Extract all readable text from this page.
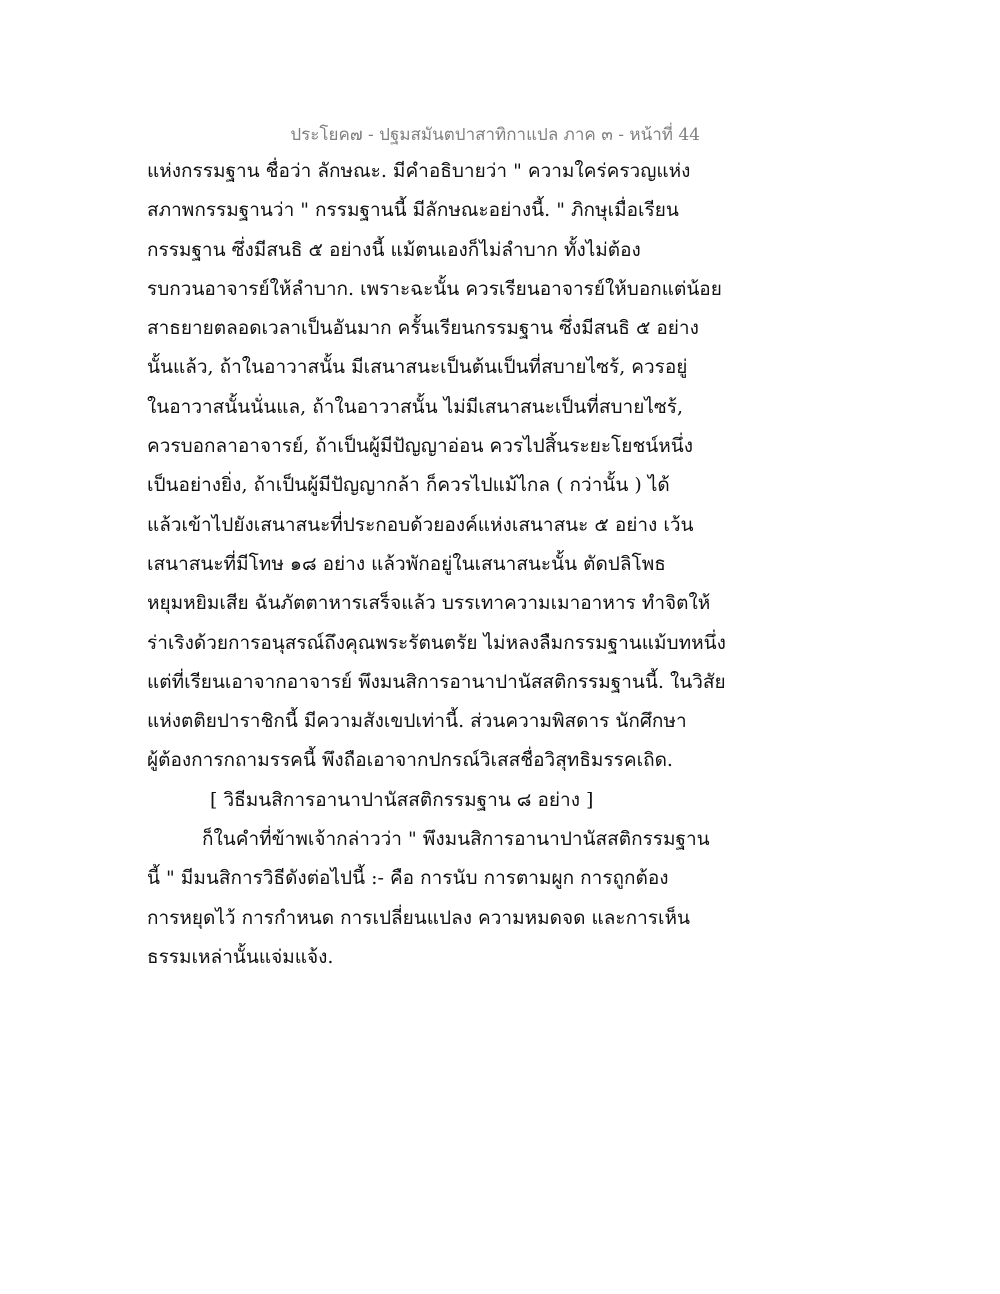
ประโยค๗ - ปฐมสมันตปาสาทิกาแปล ภาค ๓ - หน้าที่ 44
แห่งกรรมฐาน ชื่อว่า ลักษณะ. มีคำอธิบายว่า " ความใคร่ครวญแห่ง
สภาพกรรมฐานว่า " กรรมฐานนี้ มีลักษณะอย่างนี้. " ภิกษุเมื่อเรียน
กรรมฐาน ซึ่งมีสนธิ ๕ อย่างนี้ แม้ตนเองก็ไม่ลำบาก ทั้งไม่ต้อง
รบกวนอาจารย์ให้ลำบาก. เพราะฉะนั้น ควรเรียนอาจารย์ให้บอกแต่น้อย
สาธยายตลอดเวลาเป็นอันมาก ครั้นเรียนกรรมฐาน ซึ่งมีสนธิ ๕ อย่าง
นั้นแล้ว, ถ้าในอาวาสนั้น มีเสนาสนะเป็นต้นเป็นที่สบายไซร้, ควรอยู่
ในอาวาสนั้นนั่นแล, ถ้าในอาวาสนั้น ไม่มีเสนาสนะเป็นที่สบายไซร้,
ควรบอกลาอาจารย์, ถ้าเป็นผู้มีปัญญาอ่อน ควรไปสิ้นระยะโยชน์หนึ่ง
เป็นอย่างยิ่ง, ถ้าเป็นผู้มีปัญญากล้า ก็ควรไปแม้ไกล ( กว่านั้น ) ได้
แล้วเข้าไปยังเสนาสนะที่ประกอบด้วยองค์แห่งเสนาสนะ ๕ อย่าง เว้น
เสนาสนะที่มีโทษ ๑๘ อย่าง แล้วพักอยู่ในเสนาสนะนั้น ตัดปลิโพธ
หยุมหยิมเสีย ฉันภัตตาหารเสร็จแล้ว บรรเทาความเมาอาหาร ทำจิตให้
ร่าเริงด้วยการอนุสรณ์ถึงคุณพระรัตนตรัย ไม่หลงลืมกรรมฐานแม้บทหนึ่ง
แต่ที่เรียนเอาจากอาจารย์ พึงมนสิการอานาปานัสสติกรรมฐานนี้. ในวิสัย
แห่งตติยปาราชิกนี้ มีความสังเขปเท่านี้. ส่วนความพิสดาร นักศึกษา
ผู้ต้องการกถามรรคนี้ พึงถือเอาจากปกรณ์วิเสสชื่อวิสุทธิมรรคเถิด.
[ วิธีมนสิการอานาปานัสสติกรรมฐาน ๘ อย่าง ]
ก็ในคำที่ข้าพเจ้ากล่าวว่า " พึงมนสิการอานาปานัสสติกรรมฐาน
นี้ " มีมนสิการวิธีดังต่อไปนี้ :- คือ การนับ การตามผูก การถูกต้อง
การหยุดไว้ การกำหนด การเปลี่ยนแปลง ความหมดจด และการเห็น
ธรรมเหล่านั้นแจ่มแจ้ง.
